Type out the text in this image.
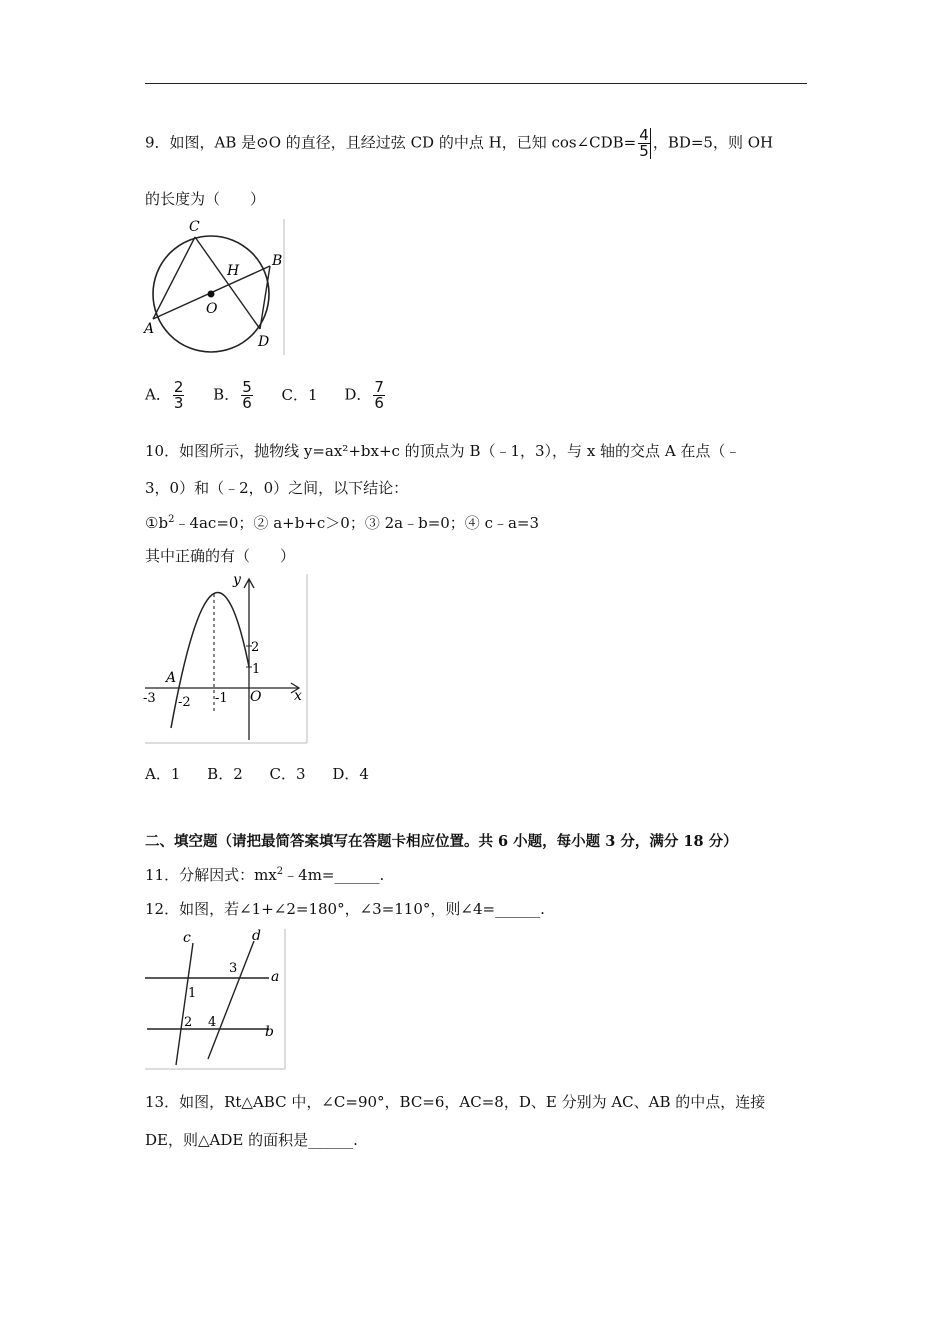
9．如图，AB 是⊙O 的直径，且经过弦 CD 的中点 H，已知 cos∠CDB= $\frac{4}{5}$ ，BD=5，则 OH
的长度为（　　）
C
H
B
O
A
D
A． $\frac{2}{3}$ B． $\frac{5}{6}$ C．1 D． $\frac{7}{6}$
10．如图所示，抛物线 y=ax²+bx+c 的顶点为 B（﹣1，3），与 x 轴的交点 A 在点（﹣
3，0）和（﹣2，0）之间，以下结论：
$①b^2﹣4ac=0$；② a+b+c＞0；③ 2a﹣b=0；④ c﹣a=3
其中正确的有（　　）
y
x
O
A
-3 -2 -1
2
1
A．1 B．2 C．3 D．4
二、填空题（请把最简答案填写在答题卡相应位置。共 6 小题，每小题 3 分，满分 18 分）
11．分解因式：$mx^2﹣4m=\_\_\_\_\_\_$.
12．如图，若∠1+∠2=180°，∠3=110°，则∠4=______.
c	d
a
b
1
2
3
4
13．如图，Rt△ABC 中，∠C=90°，BC=6，AC=8，D、E 分别为 AC、AB 的中点，连接
DE，则△ADE 的面积是______.
